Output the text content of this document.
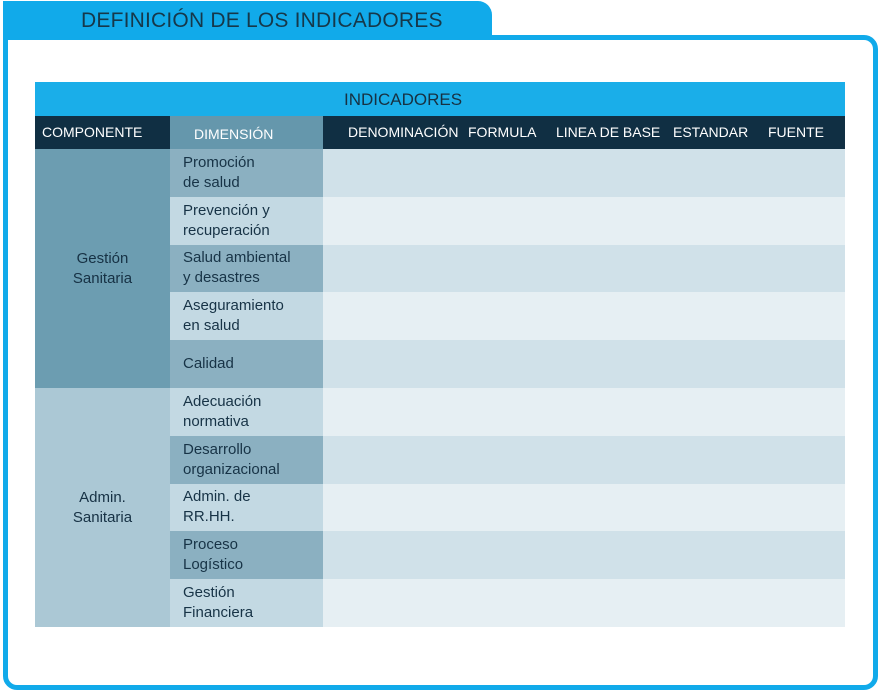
DEFINICIÓN DE LOS INDICADORES
INDICADORES
COMPONENTE	DIMENSIÓN	DENOMINACIÓN FORMULA LINEA DE BASE ESTANDAR FUENTE
Gestión
Sanitaria
Admin.
Sanitaria
Promoción
de salud
Prevención y
recuperación
Salud ambiental
y desastres
Aseguramiento
en salud
Calidad
Adecuación
normativa
Desarrollo
organizacional
Admin. de
RR.HH.
Proceso
Logístico
Gestión
Financiera
